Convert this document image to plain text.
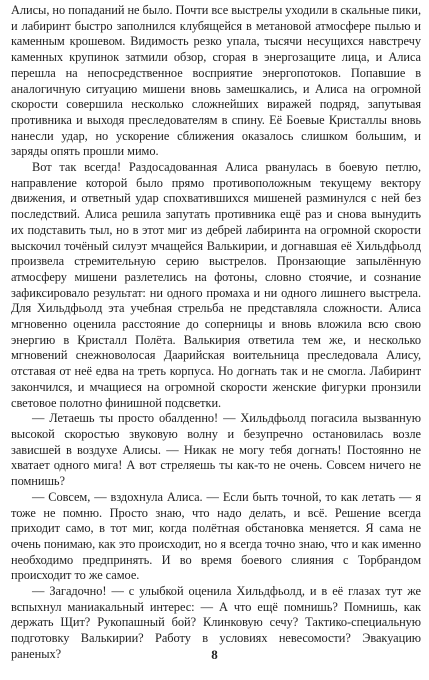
Алисы, но попаданий не было. Почти все выстрелы уходили в скальные пики, и лабиринт быстро заполнился клубящейся в метановой атмосфере пылью и каменным крошевом. Видимость резко упала, тысячи несущихся навстречу каменных крупинок затмили обзор, сгорая в энергозащите лица, и Алиса перешла на непосредственное восприятие энергопотоков. Попавшие в аналогичную ситуацию мишени вновь замешкались, и Алиса на огромной скорости совершила несколько сложнейших виражей подряд, запутывая противника и выходя преследователям в спину. Её Боевые Кристаллы вновь нанесли удар, но ускорение сближения оказалось слишком большим, и заряды опять прошли мимо.

Вот так всегда! Раздосадованная Алиса рванулась в боевую петлю, направление которой было прямо противоположным текущему вектору движения, и ответный удар спохватившихся мишеней разминулся с ней без последствий. Алиса решила запутать противника ещё раз и снова вынудить их подставить тыл, но в этот миг из дебрей лабиринта на огромной скорости выскочил точёный силуэт мчащейся Валькирии, и догнавшая её Хильдфьолд произвела стремительную серию выстрелов. Пронзающие запылённую атмосферу мишени разлетелись на фотоны, словно стоячие, и сознание зафиксировало результат: ни одного промаха и ни одного лишнего выстрела. Для Хильдфьолд эта учебная стрельба не представляла сложности. Алиса мгновенно оценила расстояние до соперницы и вновь вложила всю свою энергию в Кристалл Полёта. Валькирия ответила тем же, и несколько мгновений снежноволосая Даарийская воительница преследовала Алису, отставая от неё едва на треть корпуса. Но догнать так и не смогла. Лабиринт закончился, и мчащиеся на огромной скорости женские фигурки пронзили световое полотно финишной подсветки.

— Летаешь ты просто обалденно! — Хильдфьолд погасила вызванную высокой скоростью звуковую волну и безупречно остановилась возле зависшей в воздухе Алисы. — Никак не могу тебя догнать! Постоянно не хватает одного мига! А вот стреляешь ты как-то не очень. Совсем ничего не помнишь?

— Совсем, — вздохнула Алиса. — Если быть точной, то как летать — я тоже не помню. Просто знаю, что надо делать, и всё. Решение всегда приходит само, в тот миг, когда полётная обстановка меняется. Я сама не очень понимаю, как это происходит, но я всегда точно знаю, что и как именно необходимо предпринять. И во время боевого слияния с Торбрандом происходит то же самое.

— Загадочно! — с улыбкой оценила Хильдфьолд, и в её глазах тут же вспыхнул маниакальный интерес: — А что ещё помнишь? Помнишь, как держать Щит? Рукопашный бой? Клинковую сечу? Тактико-специальную подготовку Валькирии? Работу в условиях невесомости? Эвакуацию раненых?	8
